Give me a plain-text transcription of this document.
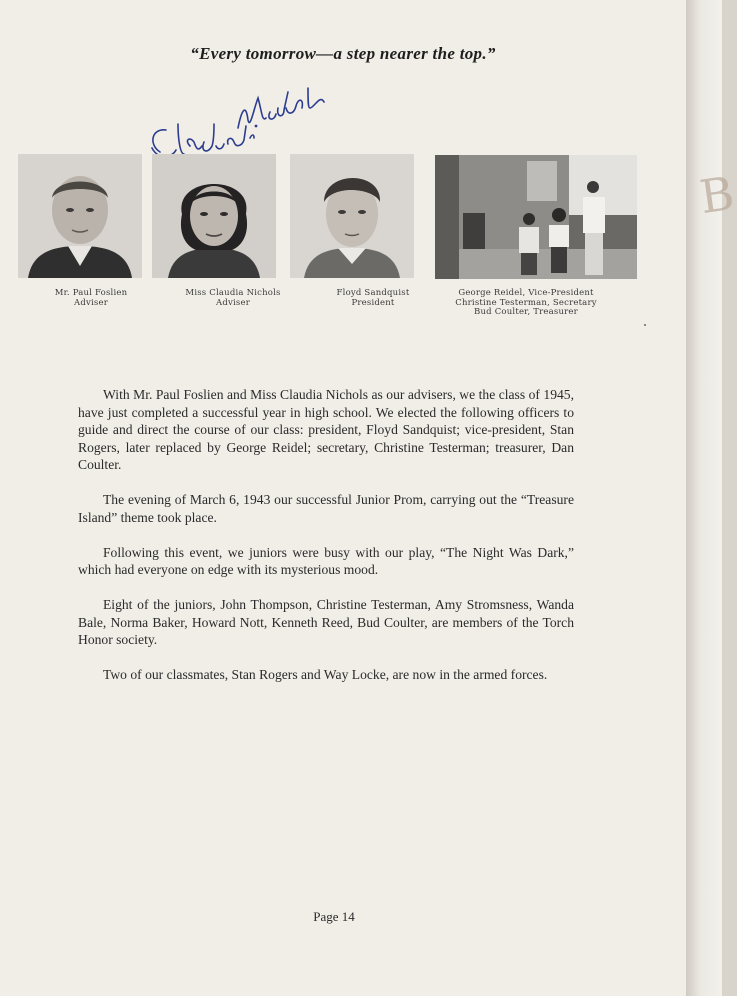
“Every tomorrow—a step nearer the top.”
Mr. Paul Foslien
Adviser
Miss Claudia Nichols
Adviser
Floyd Sandquist
President
George Reidel, Vice-President
Christine Testerman, Secretary
Bud Coulter, Treasurer

With Mr. Paul Foslien and Miss Claudia Nichols as our advisers, we the class of 1945, have just completed a successful year in high school. We elected the following officers to guide and direct the course of our class: president, Floyd Sandquist; vice-president, Stan Rogers, later replaced by George Reidel; secretary, Christine Testerman; treasurer, Dan Coulter.

The evening of March 6, 1943 our successful Junior Prom, carrying out the “Treasure Island” theme took place.

Following this event, we juniors were busy with our play, “The Night Was Dark,” which had everyone on edge with its mysterious mood.

Eight of the juniors, John Thompson, Christine Testerman, Amy Stromsness, Wanda Bale, Norma Baker, Howard Nott, Kenneth Reed, Bud Coulter, are members of the Torch Honor society.

Two of our classmates, Stan Rogers and Way Locke, are now in the armed forces.

Page 14
B
